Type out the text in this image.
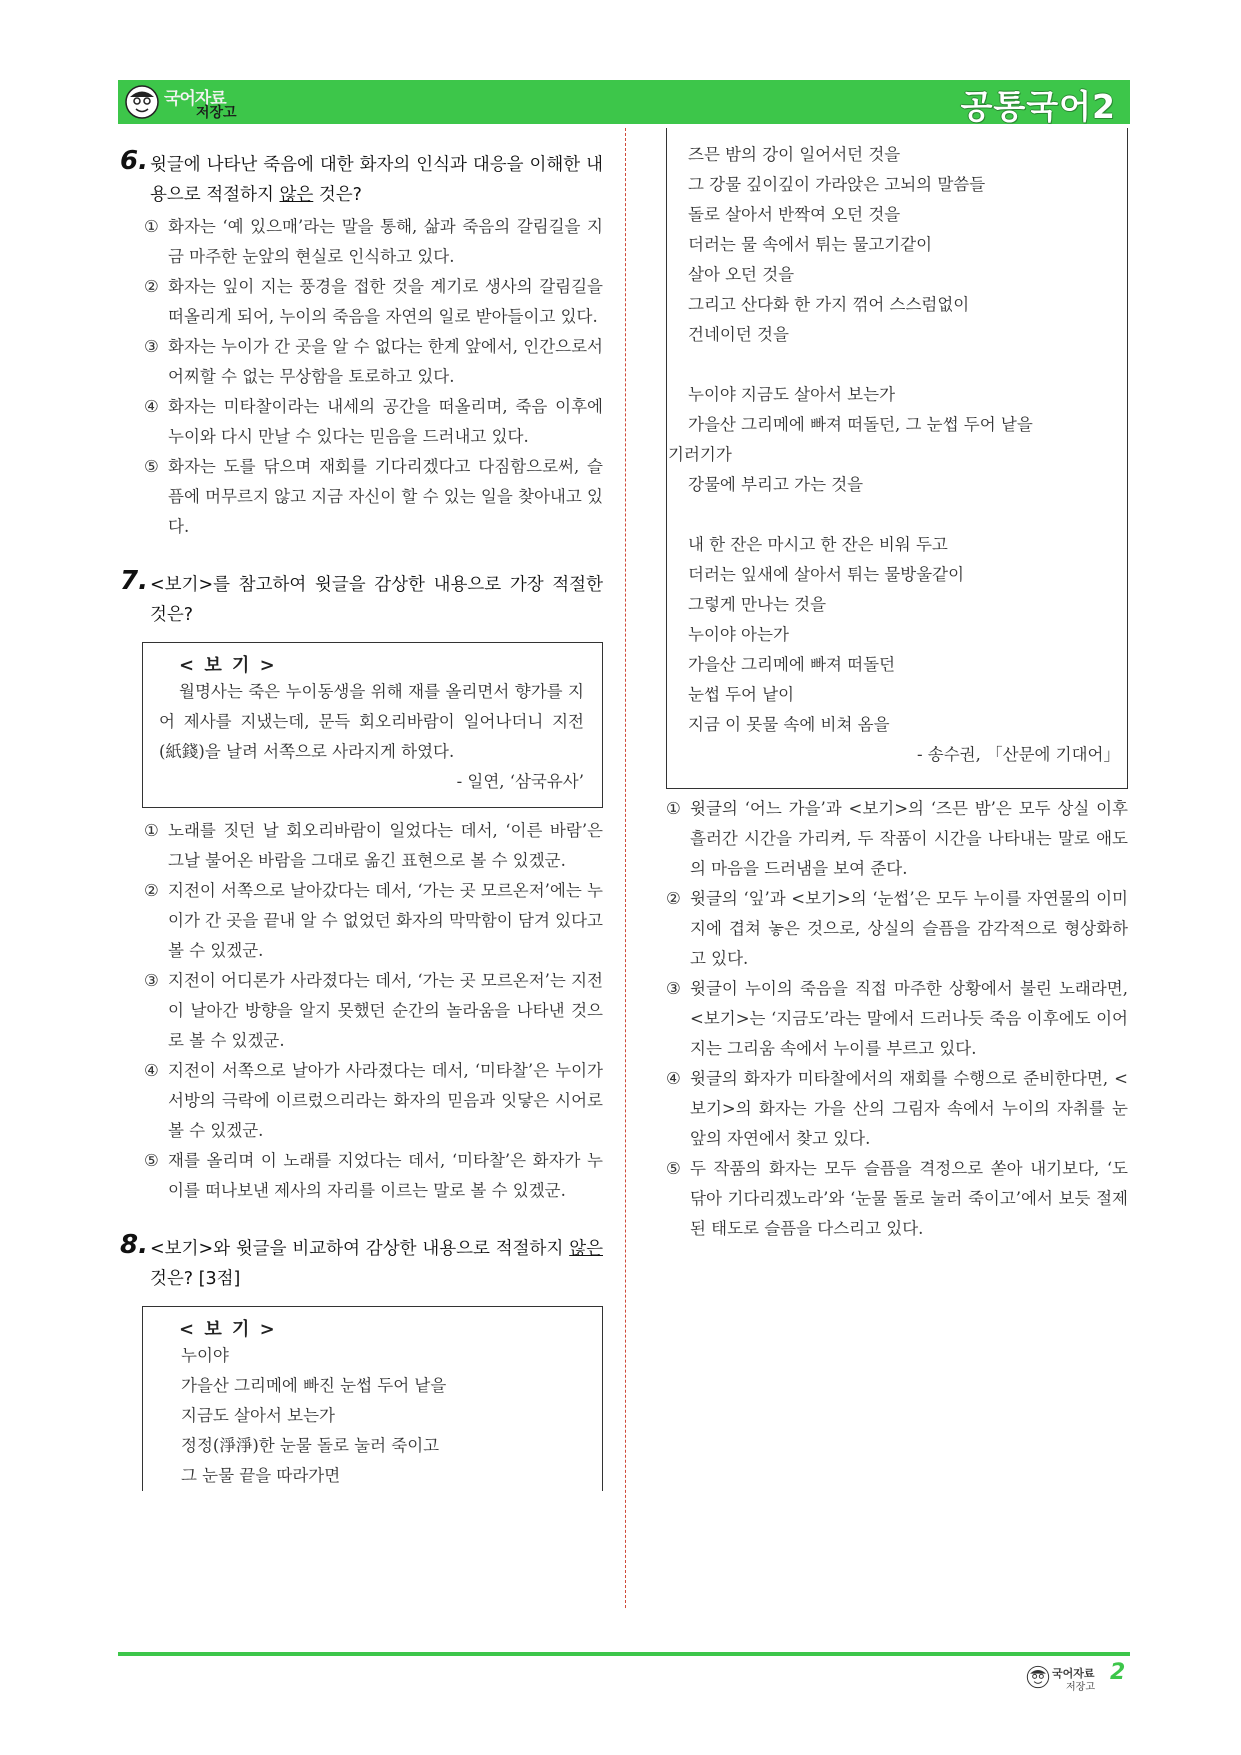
국어자료
저장고	공통국어2
6. 윗글에 나타난 죽음에 대한 화자의 인식과 대응을 이해한 내용으로 적절하지 않은 것은?
① 화자는 ‘예 있으매’라는 말을 통해, 삶과 죽음의 갈림길을 지금 마주한 눈앞의 현실로 인식하고 있다.
② 화자는 잎이 지는 풍경을 접한 것을 계기로 생사의 갈림길을 떠올리게 되어, 누이의 죽음을 자연의 일로 받아들이고 있다.
③ 화자는 누이가 간 곳을 알 수 없다는 한계 앞에서, 인간으로서 어찌할 수 없는 무상함을 토로하고 있다.
④ 화자는 미타찰이라는 내세의 공간을 떠올리며, 죽음 이후에 누이와 다시 만날 수 있다는 믿음을 드러내고 있다.
⑤ 화자는 도를 닦으며 재회를 기다리겠다고 다짐함으로써, 슬픔에 머무르지 않고 지금 자신이 할 수 있는 일을 찾아내고 있다.
7. <보기>를 참고하여 윗글을 감상한 내용으로 가장 적절한 것은?
< 보 기 >
월명사는 죽은 누이동생을 위해 재를 올리면서 향가를 지어 제사를 지냈는데, 문득 회오리바람이 일어나더니 지전(紙錢)을 날려 서쪽으로 사라지게 하였다.
- 일연, ‘삼국유사’
① 노래를 짓던 날 회오리바람이 일었다는 데서, ‘이른 바람’은 그날 불어온 바람을 그대로 옮긴 표현으로 볼 수 있겠군.
② 지전이 서쪽으로 날아갔다는 데서, ‘가는 곳 모르온저’에는 누이가 간 곳을 끝내 알 수 없었던 화자의 막막함이 담겨 있다고 볼 수 있겠군.
③ 지전이 어디론가 사라졌다는 데서, ‘가는 곳 모르온저’는 지전이 날아간 방향을 알지 못했던 순간의 놀라움을 나타낸 것으로 볼 수 있겠군.
④ 지전이 서쪽으로 날아가 사라졌다는 데서, ‘미타찰’은 누이가 서방의 극락에 이르렀으리라는 화자의 믿음과 잇닿은 시어로 볼 수 있겠군.
⑤ 재를 올리며 이 노래를 지었다는 데서, ‘미타찰’은 화자가 누이를 떠나보낸 제사의 자리를 이르는 말로 볼 수 있겠군.
8. <보기>와 윗글을 비교하여 감상한 내용으로 적절하지 않은 것은? [3점]
< 보 기 >
누이야
가을산 그리메에 빠진 눈썹 두어 낱을
지금도 살아서 보는가
정정(淨淨)한 눈물 돌로 눌러 죽이고
그 눈물 끝을 따라가면
즈믄 밤의 강이 일어서던 것을
그 강물 깊이깊이 가라앉은 고뇌의 말씀들
돌로 살아서 반짝여 오던 것을
더러는 물 속에서 튀는 물고기같이
살아 오던 것을
그리고 산다화 한 가지 꺾어 스스럼없이
건네이던 것을
누이야 지금도 살아서 보는가
가을산 그리메에 빠져 떠돌던, 그 눈썹 두어 낱을
기러기가
강물에 부리고 가는 것을
내 한 잔은 마시고 한 잔은 비워 두고
더러는 잎새에 살아서 튀는 물방울같이
그렇게 만나는 것을
누이야 아는가
가을산 그리메에 빠져 떠돌던
눈썹 두어 낱이
지금 이 못물 속에 비쳐 옴을
- 송수권, 「산문에 기대어」
① 윗글의 ‘어느 가을’과 <보기>의 ‘즈믄 밤’은 모두 상실 이후 흘러간 시간을 가리켜, 두 작품이 시간을 나타내는 말로 애도의 마음을 드러냄을 보여 준다.
② 윗글의 ‘잎’과 <보기>의 ‘눈썹’은 모두 누이를 자연물의 이미지에 겹쳐 놓은 것으로, 상실의 슬픔을 감각적으로 형상화하고 있다.
③ 윗글이 누이의 죽음을 직접 마주한 상황에서 불린 노래라면, <보기>는 ‘지금도’라는 말에서 드러나듯 죽음 이후에도 이어지는 그리움 속에서 누이를 부르고 있다.
④ 윗글의 화자가 미타찰에서의 재회를 수행으로 준비한다면, <보기>의 화자는 가을 산의 그림자 속에서 누이의 자취를 눈앞의 자연에서 찾고 있다.
⑤ 두 작품의 화자는 모두 슬픔을 격정으로 쏟아 내기보다, ‘도 닦아 기다리겠노라’와 ‘눈물 돌로 눌러 죽이고’에서 보듯 절제된 태도로 슬픔을 다스리고 있다.
국어자료
저장고
2
